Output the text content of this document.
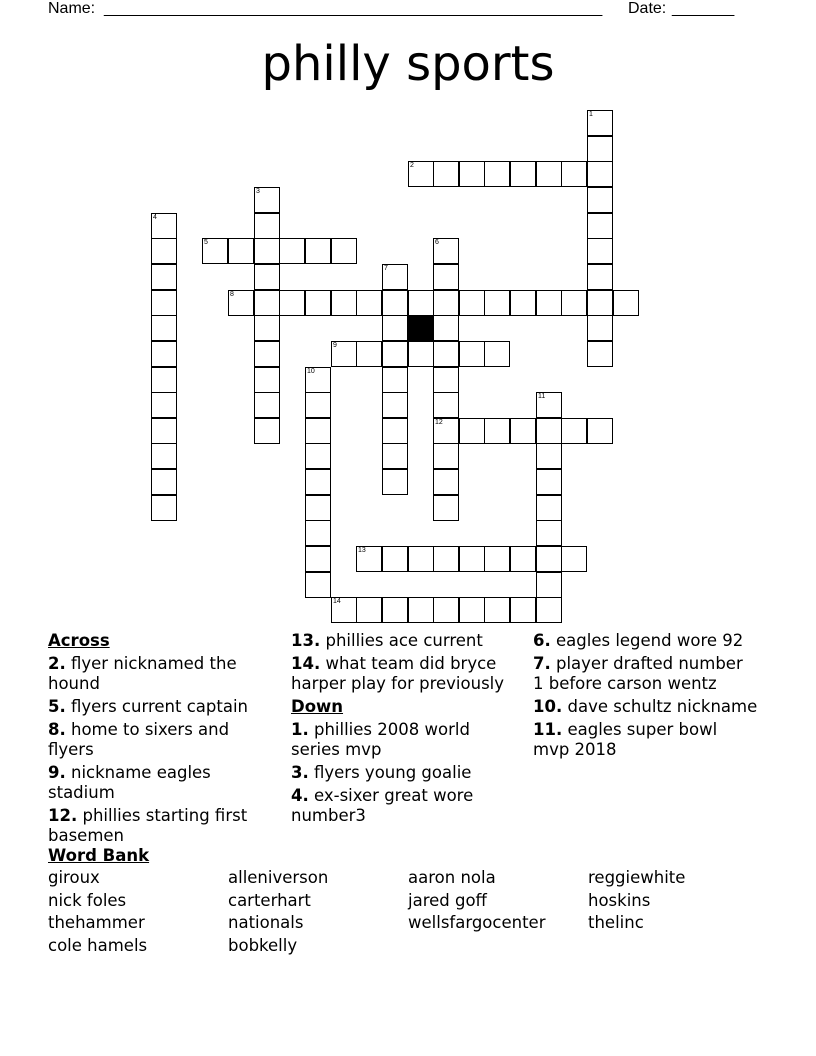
Name: ________________________________________________________ Date: _______
philly sports
1
2
3
4
5	6
12
7
8
9
10
11
13
14
Across
2. flyer nicknamed the hound
5. flyers current captain
8. home to sixers and flyers
9. nickname eagles stadium
12. phillies starting first basemen
13. phillies ace current
14. what team did bryce harper play for previously
Down
1. phillies 2008 world series mvp
3. flyers young goalie
4. ex-sixer great wore number3
6. eagles legend wore 92
7. player drafted number 1 before carson wentz
10. dave schultz nickname
11. eagles super bowl mvp 2018
Word Bank
giroux
nick foles
thehammer
cole hamels
alleniverson
carterhart
nationals
bobkelly
aaron nola
jared goff
wellsfargocenter
reggiewhite
hoskins
thelinc
